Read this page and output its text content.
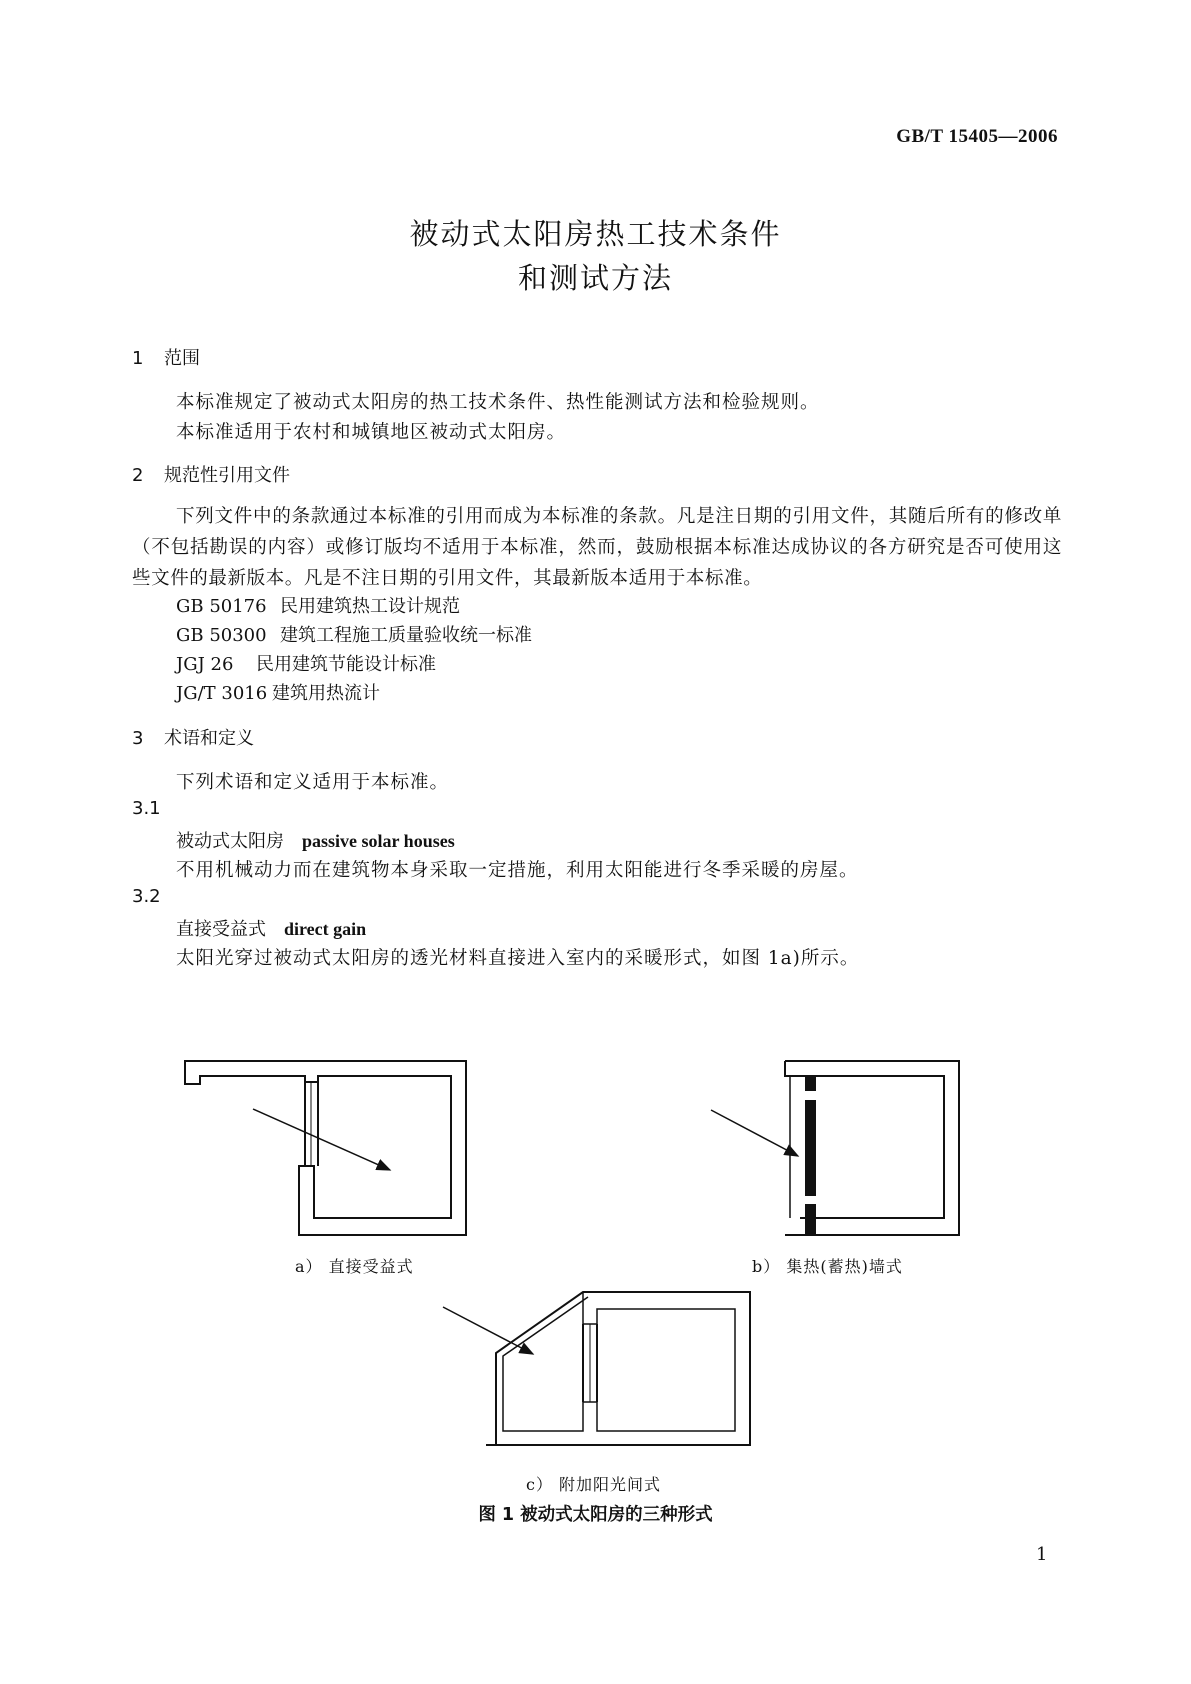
GB/T 15405—2006
被动式太阳房热工技术条件
和测试方法
1 范围
本标准规定了被动式太阳房的热工技术条件、热性能测试方法和检验规则。
本标准适用于农村和城镇地区被动式太阳房。
2 规范性引用文件
下列文件中的条款通过本标准的引用而成为本标准的条款。凡是注日期的引用文件，其随后所有的修改单（不包括勘误的内容）或修订版均不适用于本标准，然而，鼓励根据本标准达成协议的各方研究是否可使用这些文件的最新版本。凡是不注日期的引用文件，其最新版本适用于本标准。
GB 50176 民用建筑热工设计规范
GB 50300 建筑工程施工质量验收统一标准
JGJ 26 民用建筑节能设计标准
JG/T 3016 建筑用热流计
3 术语和定义
下列术语和定义适用于本标准。
3.1
被动式太阳房 passive solar houses
不用机械动力而在建筑物本身采取一定措施，利用太阳能进行冬季采暖的房屋。
3.2
直接受益式 direct gain
太阳光穿过被动式太阳房的透光材料直接进入室内的采暖形式，如图 1a)所示。
a） 直接受益式	b） 集热(蓄热)墙式
c） 附加阳光间式
图 1 被动式太阳房的三种形式
1
